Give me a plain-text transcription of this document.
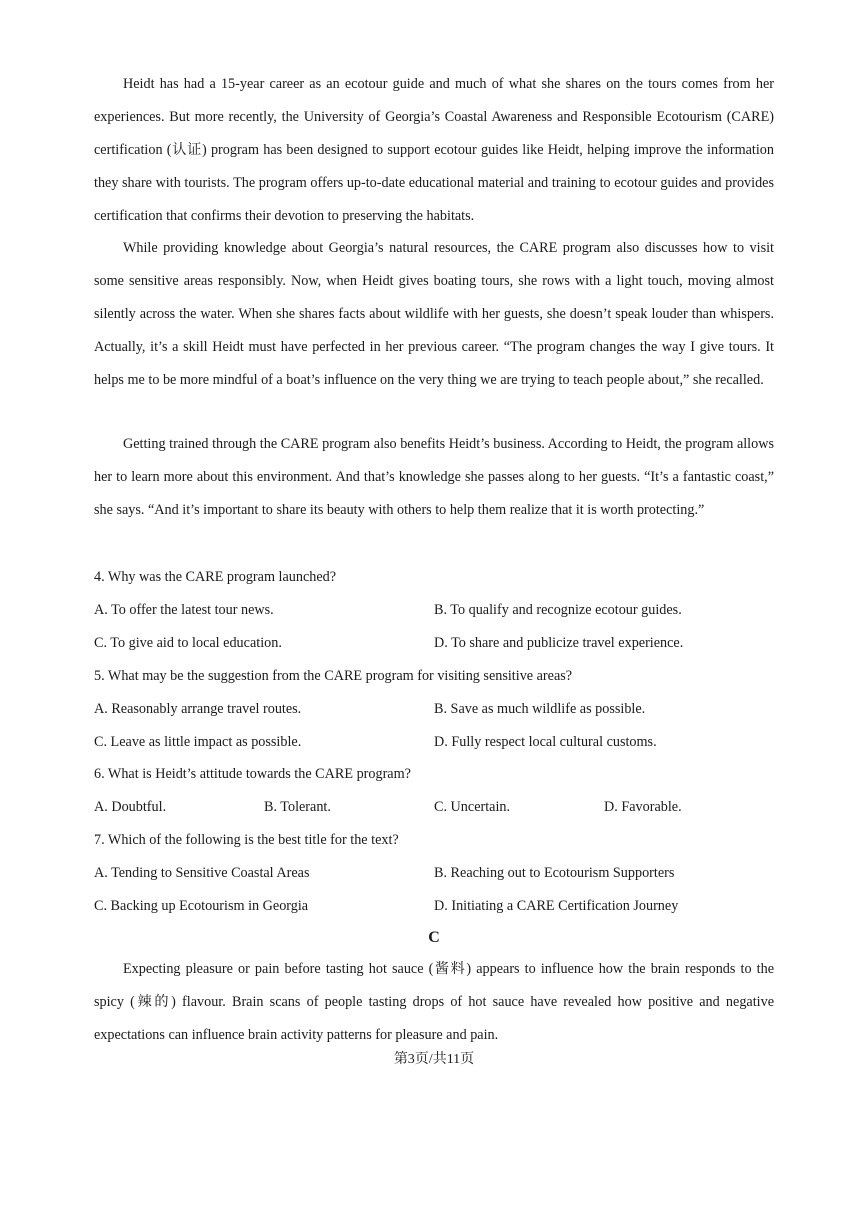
Heidt has had a 15-year career as an ecotour guide and much of what she shares on the tours comes from her experiences. But more recently, the University of Georgia’s Coastal Awareness and Responsible Ecotourism (CARE) certification (认证) program has been designed to support ecotour guides like Heidt, helping improve the information they share with tourists. The program offers up-to-date educational material and training to ecotour guides and provides certification that confirms their devotion to preserving the habitats.

While providing knowledge about Georgia’s natural resources, the CARE program also discusses how to visit some sensitive areas responsibly. Now, when Heidt gives boating tours, she rows with a light touch, moving almost silently across the water. When she shares facts about wildlife with her guests, she doesn’t speak louder than whispers. Actually, it’s a skill Heidt must have perfected in her previous career. “The program changes the way I give tours. It helps me to be more mindful of a boat’s influence on the very thing we are trying to teach people about,” she recalled.

Getting trained through the CARE program also benefits Heidt’s business. According to Heidt, the program allows her to learn more about this environment. And that’s knowledge she passes along to her guests. “It’s a fantastic coast,” she says. “And it’s important to share its beauty with others to help them realize that it is worth protecting.”

4. Why was the CARE program launched?
A. To offer the latest tour news.	B. To qualify and recognize ecotour guides.
C. To give aid to local education.	D. To share and publicize travel experience.
5. What may be the suggestion from the CARE program for visiting sensitive areas?
A. Reasonably arrange travel routes.	B. Save as much wildlife as possible.
C. Leave as little impact as possible.	D. Fully respect local cultural customs.
6. What is Heidt’s attitude towards the CARE program?
A. Doubtful.	B. Tolerant.	C. Uncertain.	D. Favorable.
7. Which of the following is the best title for the text?
A. Tending to Sensitive Coastal Areas	B. Reaching out to Ecotourism Supporters
C. Backing up Ecotourism in Georgia	D. Initiating a CARE Certification Journey
C

Expecting pleasure or pain before tasting hot sauce (酱料) appears to influence how the brain responds to the spicy (辣的) flavour. Brain scans of people tasting drops of hot sauce have revealed how positive and negative expectations can influence brain activity patterns for pleasure and pain.

第3页/共11页
